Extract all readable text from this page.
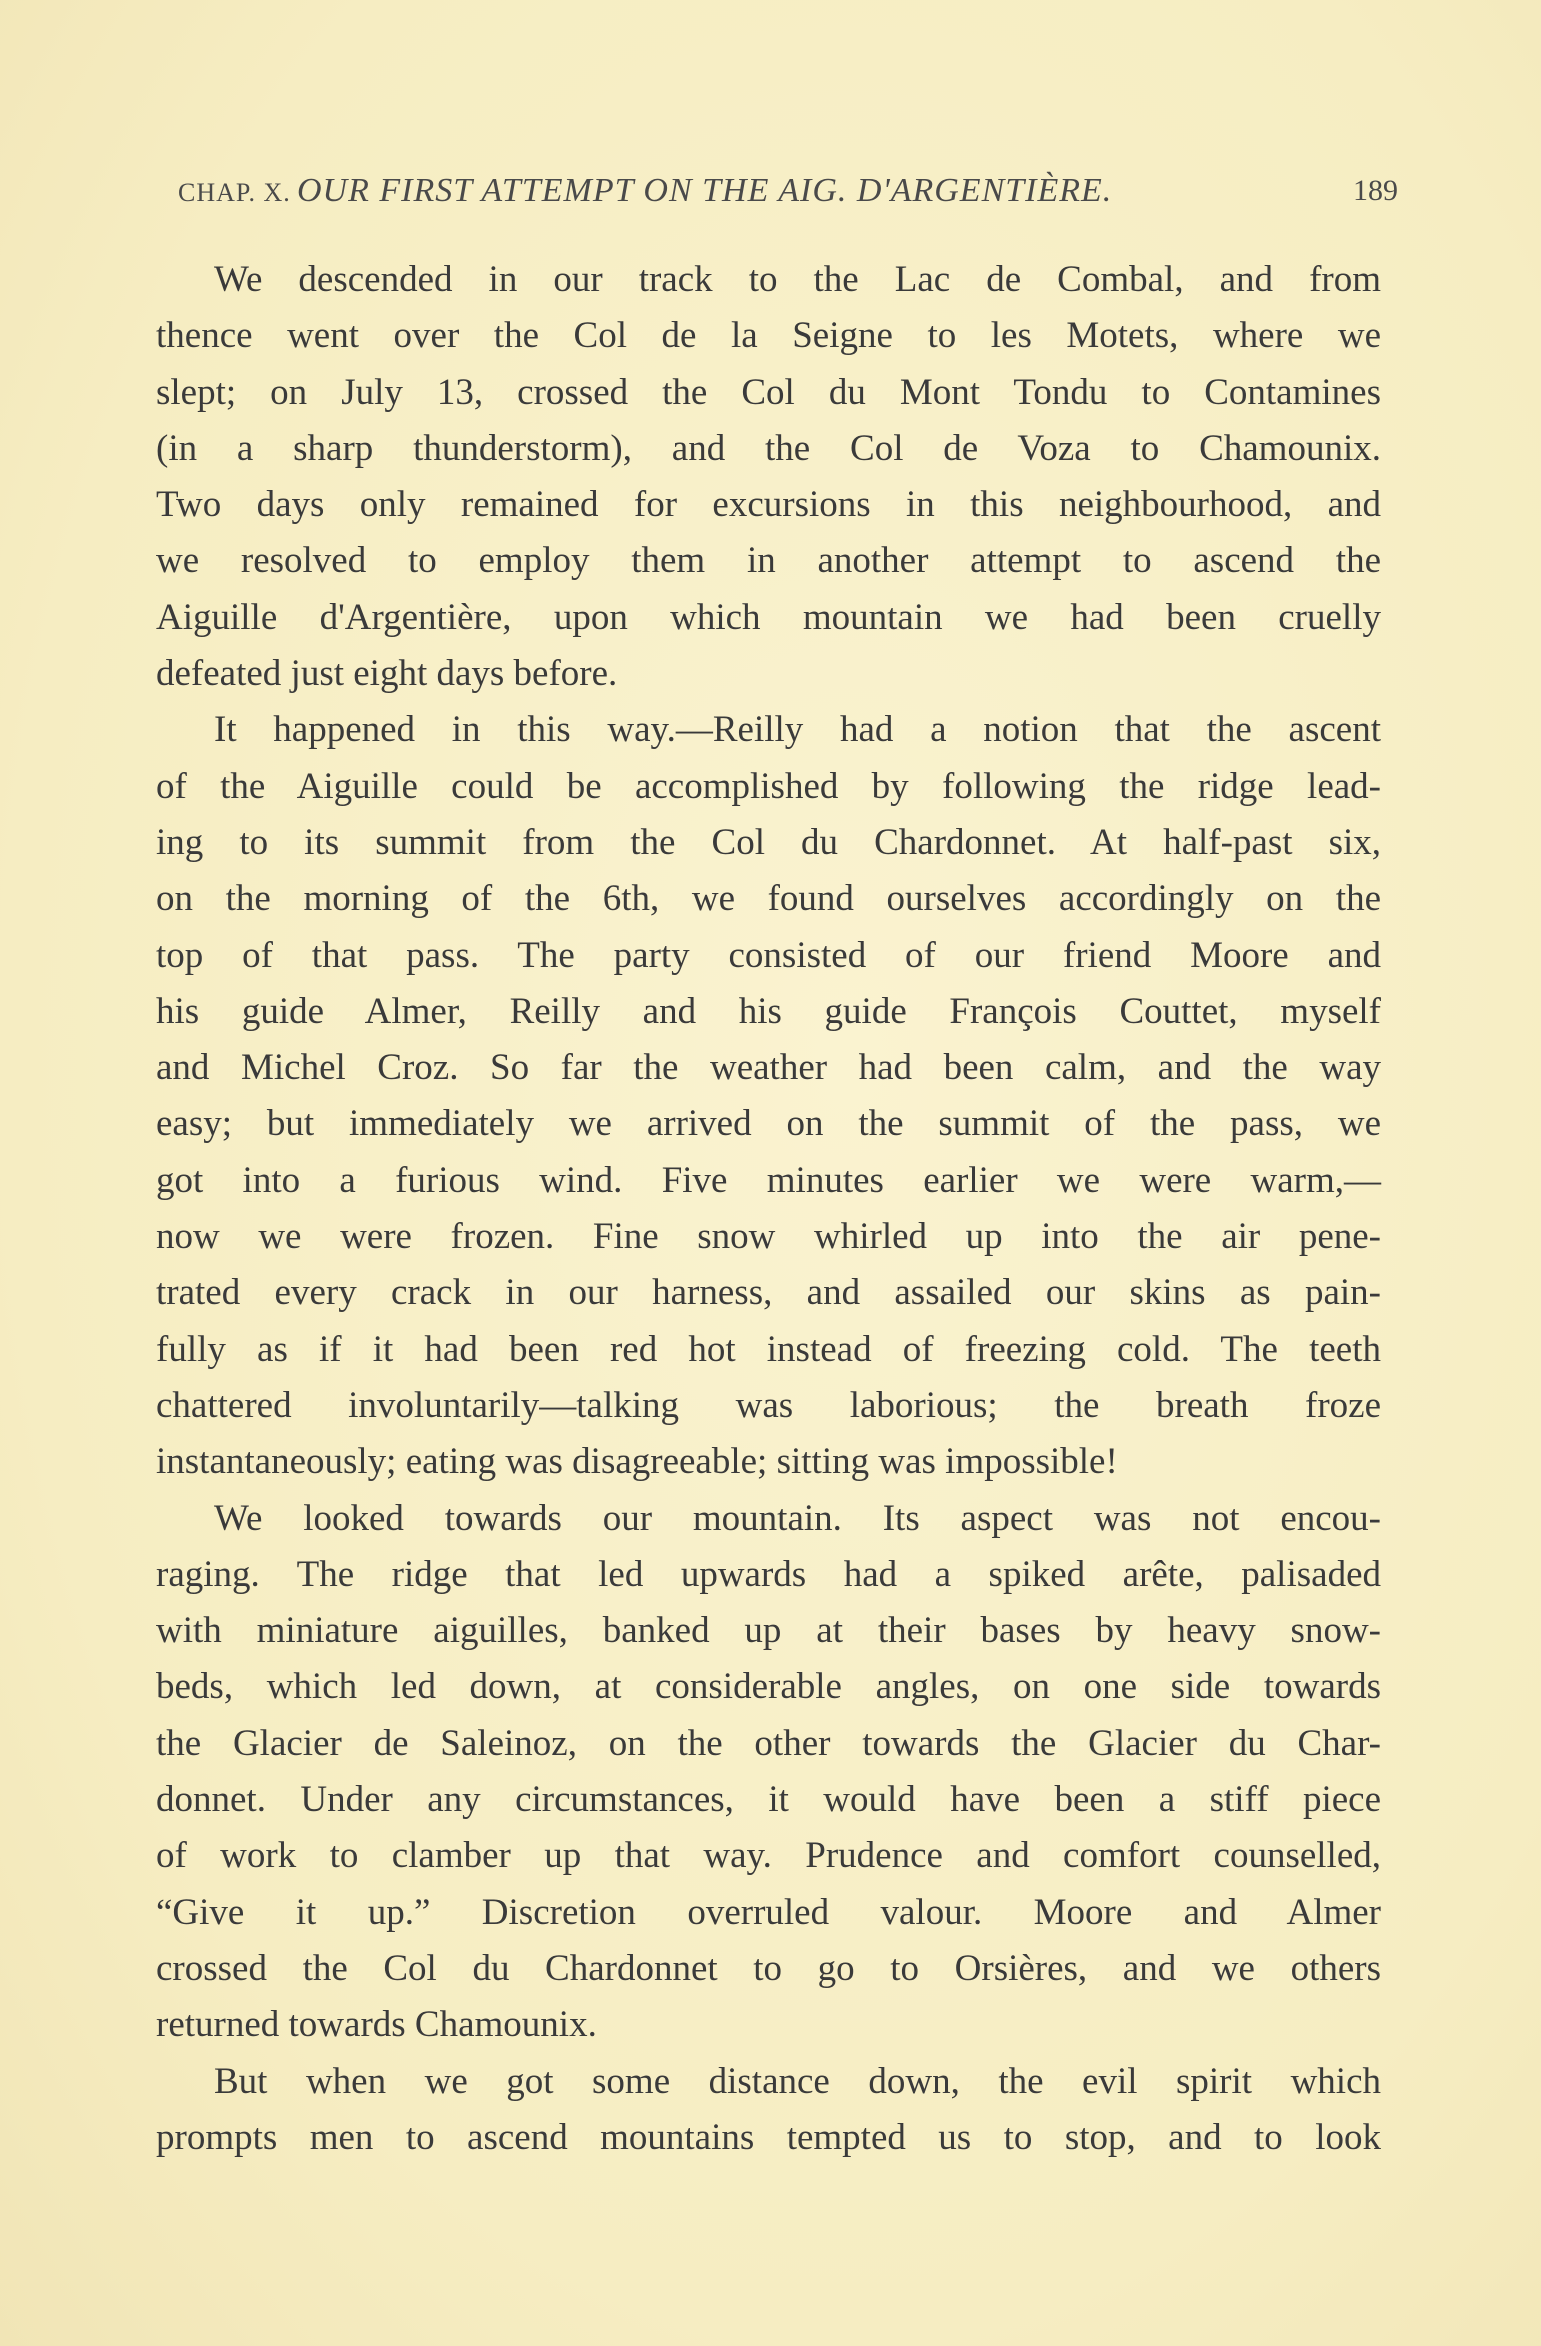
CHAP. X. OUR FIRST ATTEMPT ON THE AIG. D'ARGENTIÈRE.	189
We descended in our track to the Lac de Combal, and from
thence went over the Col de la Seigne to les Motets, where we
slept; on July 13, crossed the Col du Mont Tondu to Contamines
(in a sharp thunderstorm), and the Col de Voza to Chamounix.
Two days only remained for excursions in this neighbourhood, and
we resolved to employ them in another attempt to ascend the
Aiguille d'Argentière, upon which mountain we had been cruelly
defeated just eight days before.
It happened in this way.—Reilly had a notion that the ascent
of the Aiguille could be accomplished by following the ridge lead-
ing to its summit from the Col du Chardonnet. At half-past six,
on the morning of the 6th, we found ourselves accordingly on the
top of that pass. The party consisted of our friend Moore and
his guide Almer, Reilly and his guide François Couttet, myself
and Michel Croz. So far the weather had been calm, and the way
easy; but immediately we arrived on the summit of the pass, we
got into a furious wind. Five minutes earlier we were warm,—
now we were frozen. Fine snow whirled up into the air pene-
trated every crack in our harness, and assailed our skins as pain-
fully as if it had been red hot instead of freezing cold. The teeth
chattered involuntarily—talking was laborious; the breath froze
instantaneously; eating was disagreeable; sitting was impossible!
We looked towards our mountain. Its aspect was not encou-
raging. The ridge that led upwards had a spiked arête, palisaded
with miniature aiguilles, banked up at their bases by heavy snow-
beds, which led down, at considerable angles, on one side towards
the Glacier de Saleinoz, on the other towards the Glacier du Char-
donnet. Under any circumstances, it would have been a stiff piece
of work to clamber up that way. Prudence and comfort counselled,
“Give it up.” Discretion overruled valour. Moore and Almer
crossed the Col du Chardonnet to go to Orsières, and we others
returned towards Chamounix.
But when we got some distance down, the evil spirit which
prompts men to ascend mountains tempted us to stop, and to look
